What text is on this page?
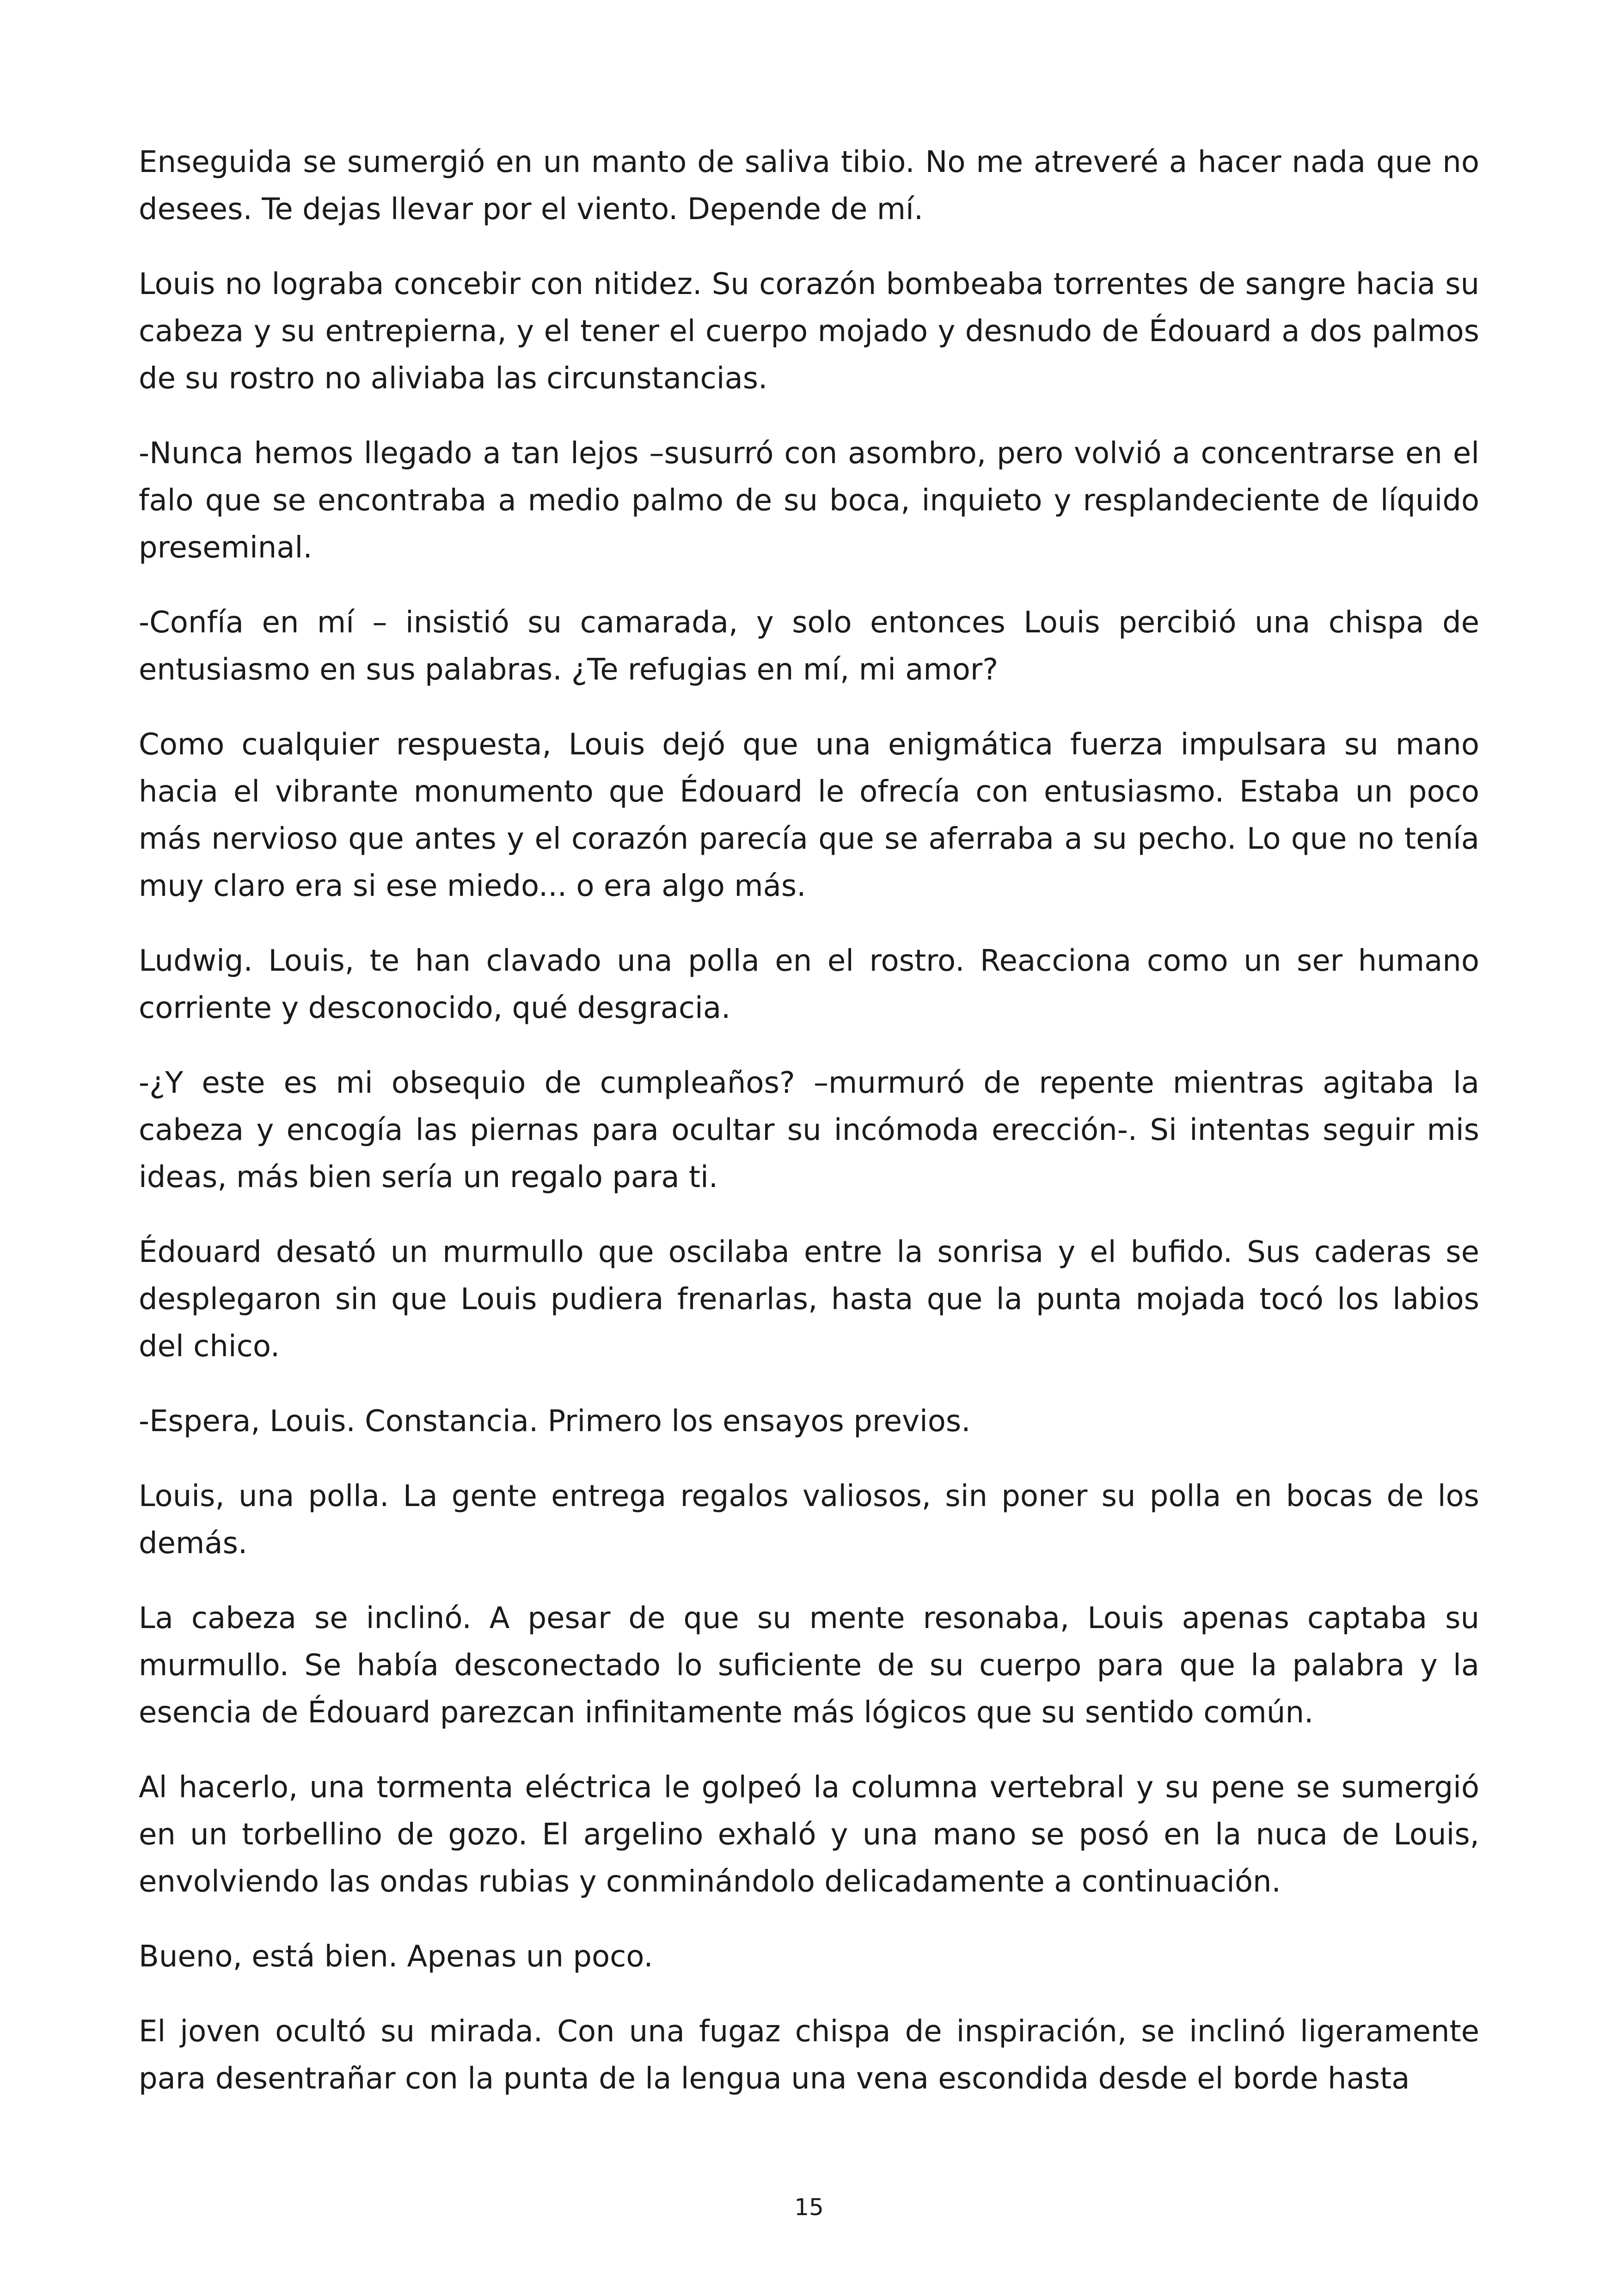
Enseguida se sumergió en un manto de saliva tibio. No me atreveré a hacer nada que no desees. Te dejas llevar por el viento. Depende de mí.

Louis no lograba concebir con nitidez. Su corazón bombeaba torrentes de sangre hacia su cabeza y su entrepierna, y el tener el cuerpo mojado y desnudo de Édouard a dos palmos de su rostro no aliviaba las circunstancias.

-Nunca hemos llegado a tan lejos –susurró con asombro, pero volvió a concentrarse en el falo que se encontraba a medio palmo de su boca, inquieto y resplandeciente de líquido preseminal.

-Confía en mí – insistió su camarada, y solo entonces Louis percibió una chispa de entusiasmo en sus palabras. ¿Te refugias en mí, mi amor?

Como cualquier respuesta, Louis dejó que una enigmática fuerza impulsara su mano hacia el vibrante monumento que Édouard le ofrecía con entusiasmo. Estaba un poco más nervioso que antes y el corazón parecía que se aferraba a su pecho. Lo que no tenía muy claro era si ese miedo... o era algo más.

Ludwig. Louis, te han clavado una polla en el rostro. Reacciona como un ser humano corriente y desconocido, qué desgracia.

-¿Y este es mi obsequio de cumpleaños? –murmuró de repente mientras agitaba la cabeza y encogía las piernas para ocultar su incómoda erección-. Si intentas seguir mis ideas, más bien sería un regalo para ti.

Édouard desató un murmullo que oscilaba entre la sonrisa y el bufido. Sus caderas se desplegaron sin que Louis pudiera frenarlas, hasta que la punta mojada tocó los labios del chico.

-Espera, Louis. Constancia. Primero los ensayos previos.

Louis, una polla. La gente entrega regalos valiosos, sin poner su polla en bocas de los demás.

La cabeza se inclinó. A pesar de que su mente resonaba, Louis apenas captaba su murmullo. Se había desconectado lo suficiente de su cuerpo para que la palabra y la esencia de Édouard parezcan infinitamente más lógicos que su sentido común.

Al hacerlo, una tormenta eléctrica le golpeó la columna vertebral y su pene se sumergió en un torbellino de gozo. El argelino exhaló y una mano se posó en la nuca de Louis, envolviendo las ondas rubias y conminándolo delicadamente a continuación.

Bueno, está bien. Apenas un poco.

El joven ocultó su mirada. Con una fugaz chispa de inspiración, se inclinó ligeramente para desentrañar con la punta de la lengua una vena escondida desde el borde hasta

15
